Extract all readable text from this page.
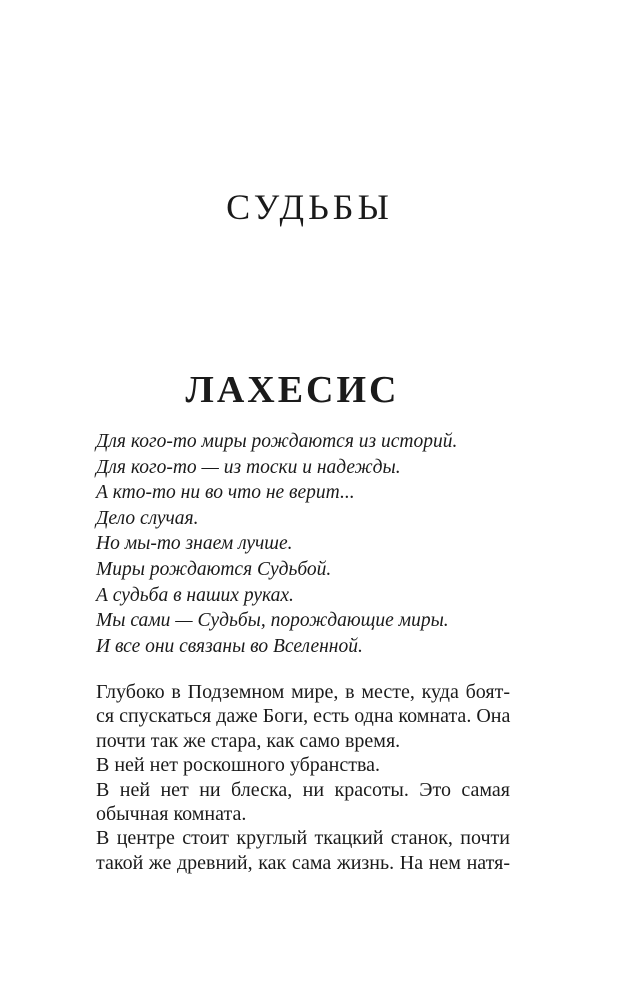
СУДЬБЫ
ЛАХЕСИС
Для кого-то миры рождаются из историй.
Для кого-то — из тоски и надежды.
А кто-то ни во что не верит...
Дело случая.
Но мы-то знаем лучше.
Миры рождаются Судьбой.
А судьба в наших руках.
Мы сами — Судьбы, порождающие миры.
И все они связаны во Вселенной.
Глубоко в Подземном мире, в месте, куда боят-
ся спускаться даже Боги, есть одна комната. Она
почти так же стара, как само время.
В ней нет роскошного убранства.
В ней нет ни блеска, ни красоты. Это самая
обычная комната.
В центре стоит круглый ткацкий станок, почти
такой же древний, как сама жизнь. На нем натя-
